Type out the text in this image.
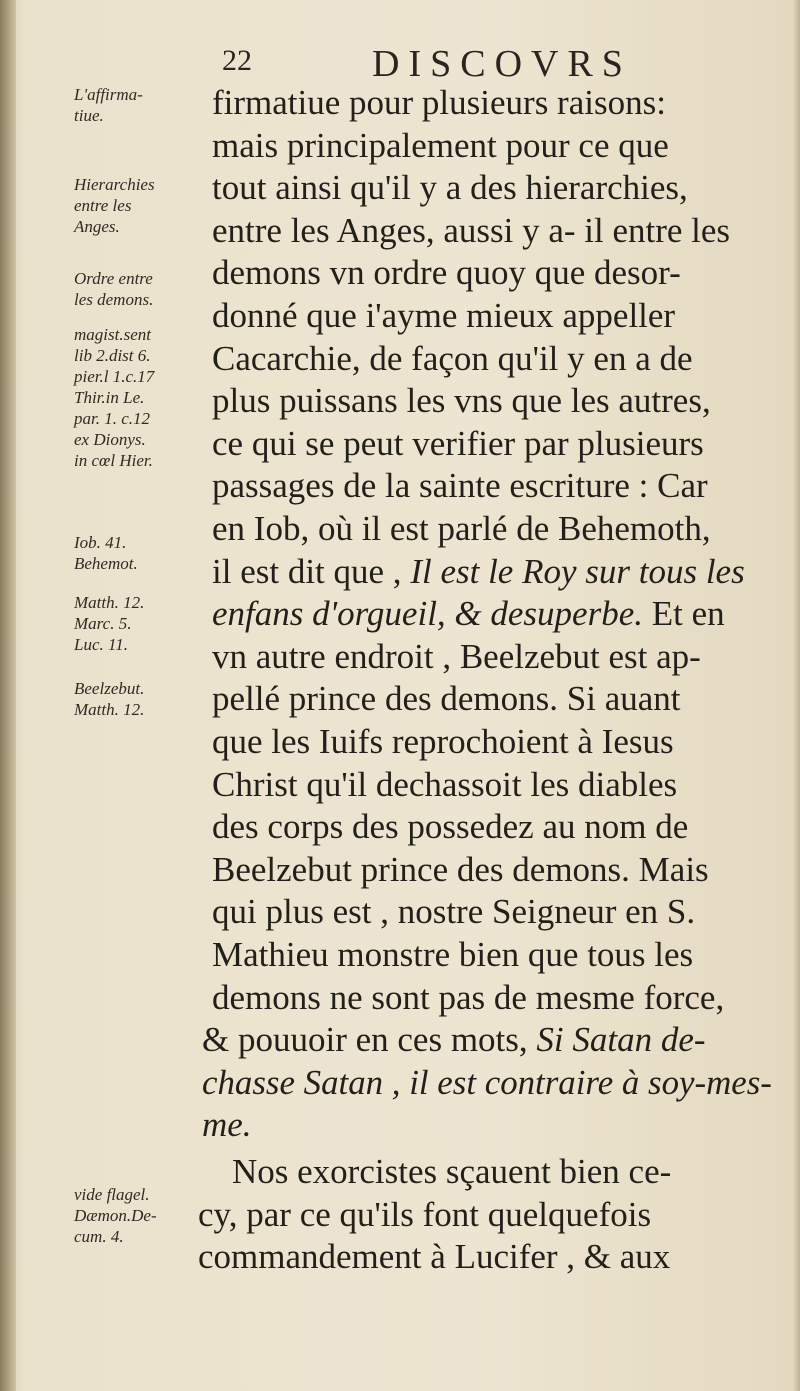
22	DISCOVRS
L'affirma-
tiue.
Hierarchies
entre les
Anges.
Ordre entre
les demons.
magist.sent
lib 2.dist 6.
pier.l 1.c.17
Thir.in Le.
par. 1. c.12
ex Dionys.
in cœl Hier.
Iob. 41.
Behemot.
Matth. 12.
Marc. 5.
Luc. 11.
Beelzebut.
Matth. 12.
vide flagel.
Dæmon.De-
cum. 4.
firmatiue pour plusieurs raisons:
mais principalement pour ce que
tout ainsi qu'il y a des hierarchies,
entre les Anges, aussi y a- il entre les
demons vn ordre quoy que desor-
donné que i'ayme mieux appeller
Cacarchie, de façon qu'il y en a de
plus puissans les vns que les autres,
ce qui se peut verifier par plusieurs
passages de la sainte escriture : Car
en Iob, où il est parlé de Behemoth,
il est dit que , Il est le Roy sur tous les
enfans d'orgueil, & desuperbe. Et en
vn autre endroit , Beelzebut est ap-
pellé prince des demons. Si auant
que les Iuifs reprochoient à Iesus
Christ qu'il dechassoit les diables
des corps des possedez au nom de
Beelzebut prince des demons. Mais
qui plus est , nostre Seigneur en S.
Mathieu monstre bien que tous les
demons ne sont pas de mesme force,
& pouuoir en ces mots, Si Satan de-
chasse Satan , il est contraire à soy-mes-
me.
Nos exorcistes sçauent bien ce-
cy, par ce qu'ils font quelquefois
commandement à Lucifer , & aux
